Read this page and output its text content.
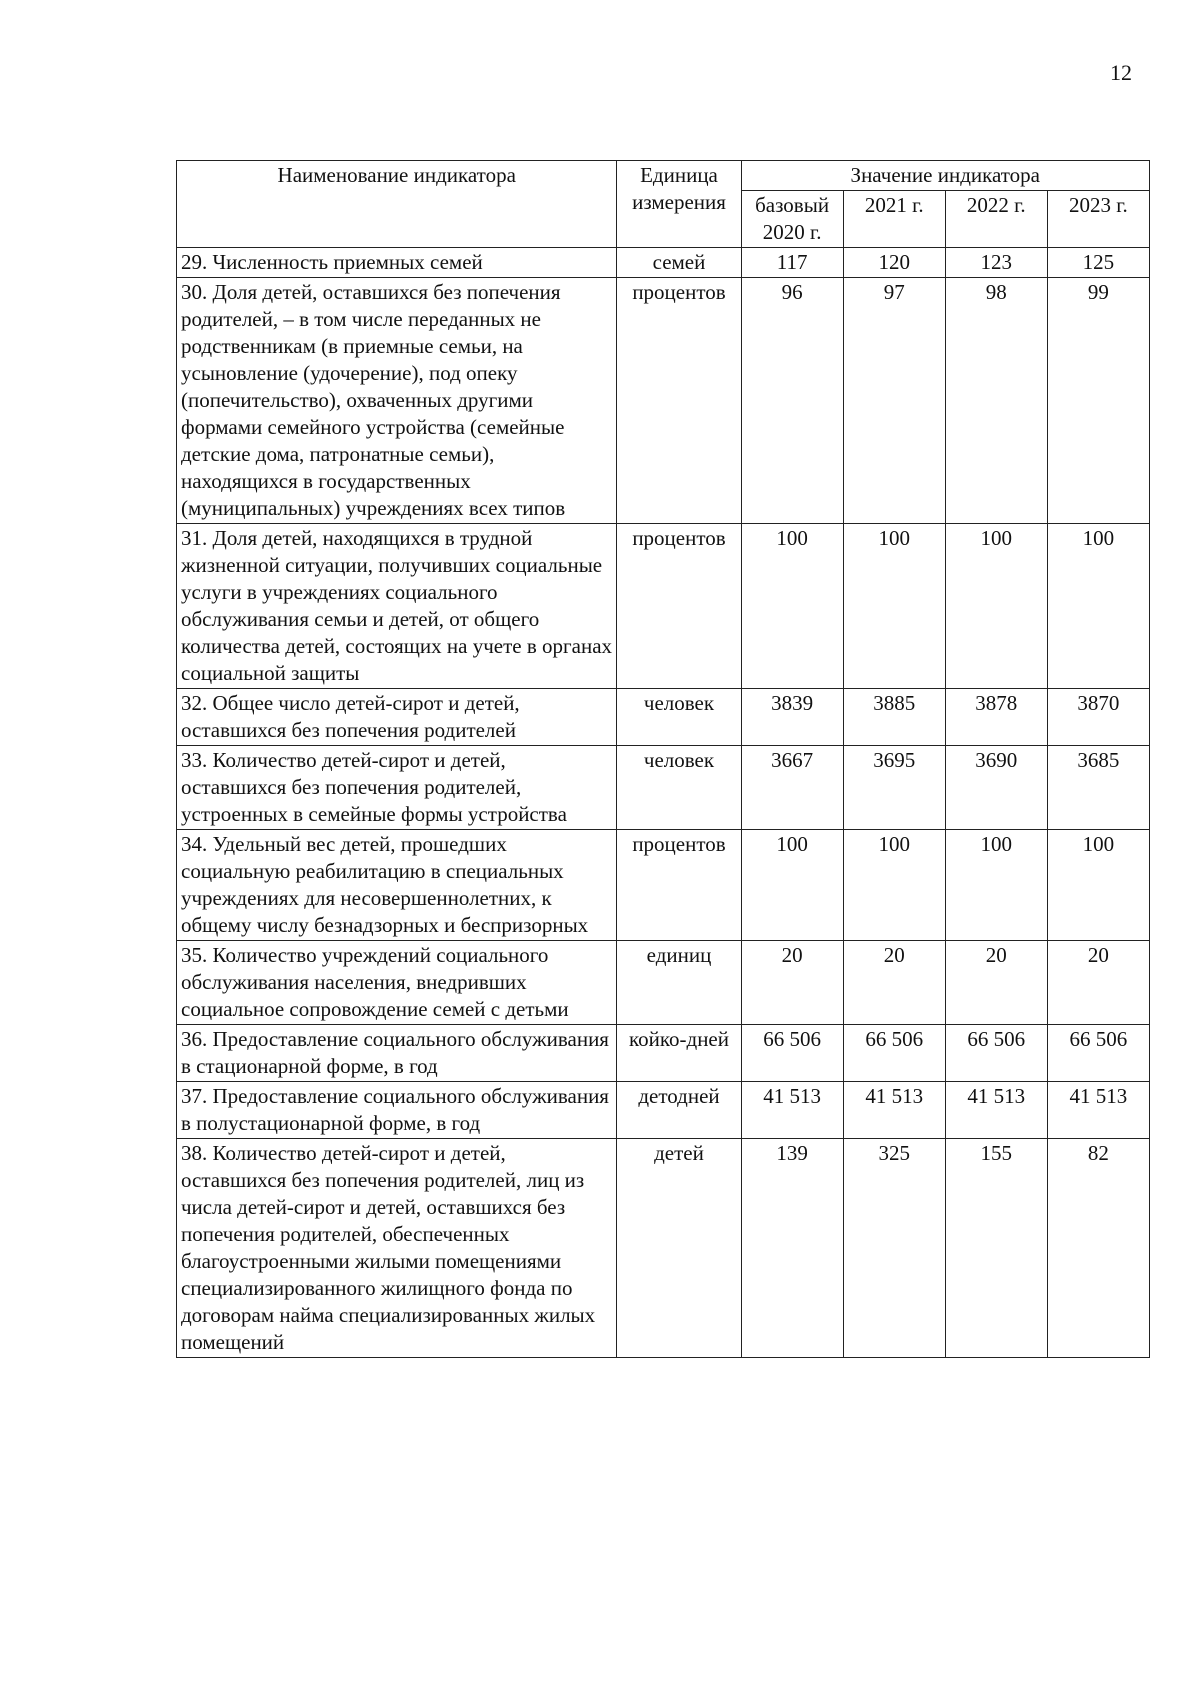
12
Наименование индикатора	Единица измерения	Значение индикатора			
		базовый 2020 г.	2021 г.	2022 г.	2023 г.
29. Численность приемных семей	семей	117	120	123	125
30. Доля детей, оставшихся без попечения родителей, – в том числе переданных не родственникам (в приемные семьи, на усыновление (удочерение), под опеку (попечительство), охваченных другими формами семейного устройства (семейные детские дома, патронатные семьи), находящихся в государственных (муниципальных) учреждениях всех типов	процентов	96	97	98	99
31. Доля детей, находящихся в трудной жизненной ситуации, получивших социальные услуги в учреждениях социального обслуживания семьи и детей, от общего количества детей, состоящих на учете в органах социальной защиты	процентов	100	100	100	100
32. Общее число детей-сирот и детей, оставшихся без попечения родителей	человек	3839	3885	3878	3870
33. Количество детей-сирот и детей, оставшихся без попечения родителей, устроенных в семейные формы устройства	человек	3667	3695	3690	3685
34. Удельный вес детей, прошедших социальную реабилитацию в специальных учреждениях для несовершеннолетних, к общему числу безнадзорных и беспризорных	процентов	100	100	100	100
35. Количество учреждений социального обслуживания населения, внедривших социальное сопровождение семей с детьми	единиц	20	20	20	20
36. Предоставление социального обслуживания в стационарной форме, в год	койко-дней	66 506	66 506	66 506	66 506
37. Предоставление социального обслуживания в полустационарной форме, в год	детодней	41 513	41 513	41 513	41 513
38. Количество детей-сирот и детей, оставшихся без попечения родителей, лиц из числа детей-сирот и детей, оставшихся без попечения родителей, обеспеченных благоустроенными жилыми помещениями специализированного жилищного фонда по договорам найма специализированных жилых помещений	детей	139	325	155	82
